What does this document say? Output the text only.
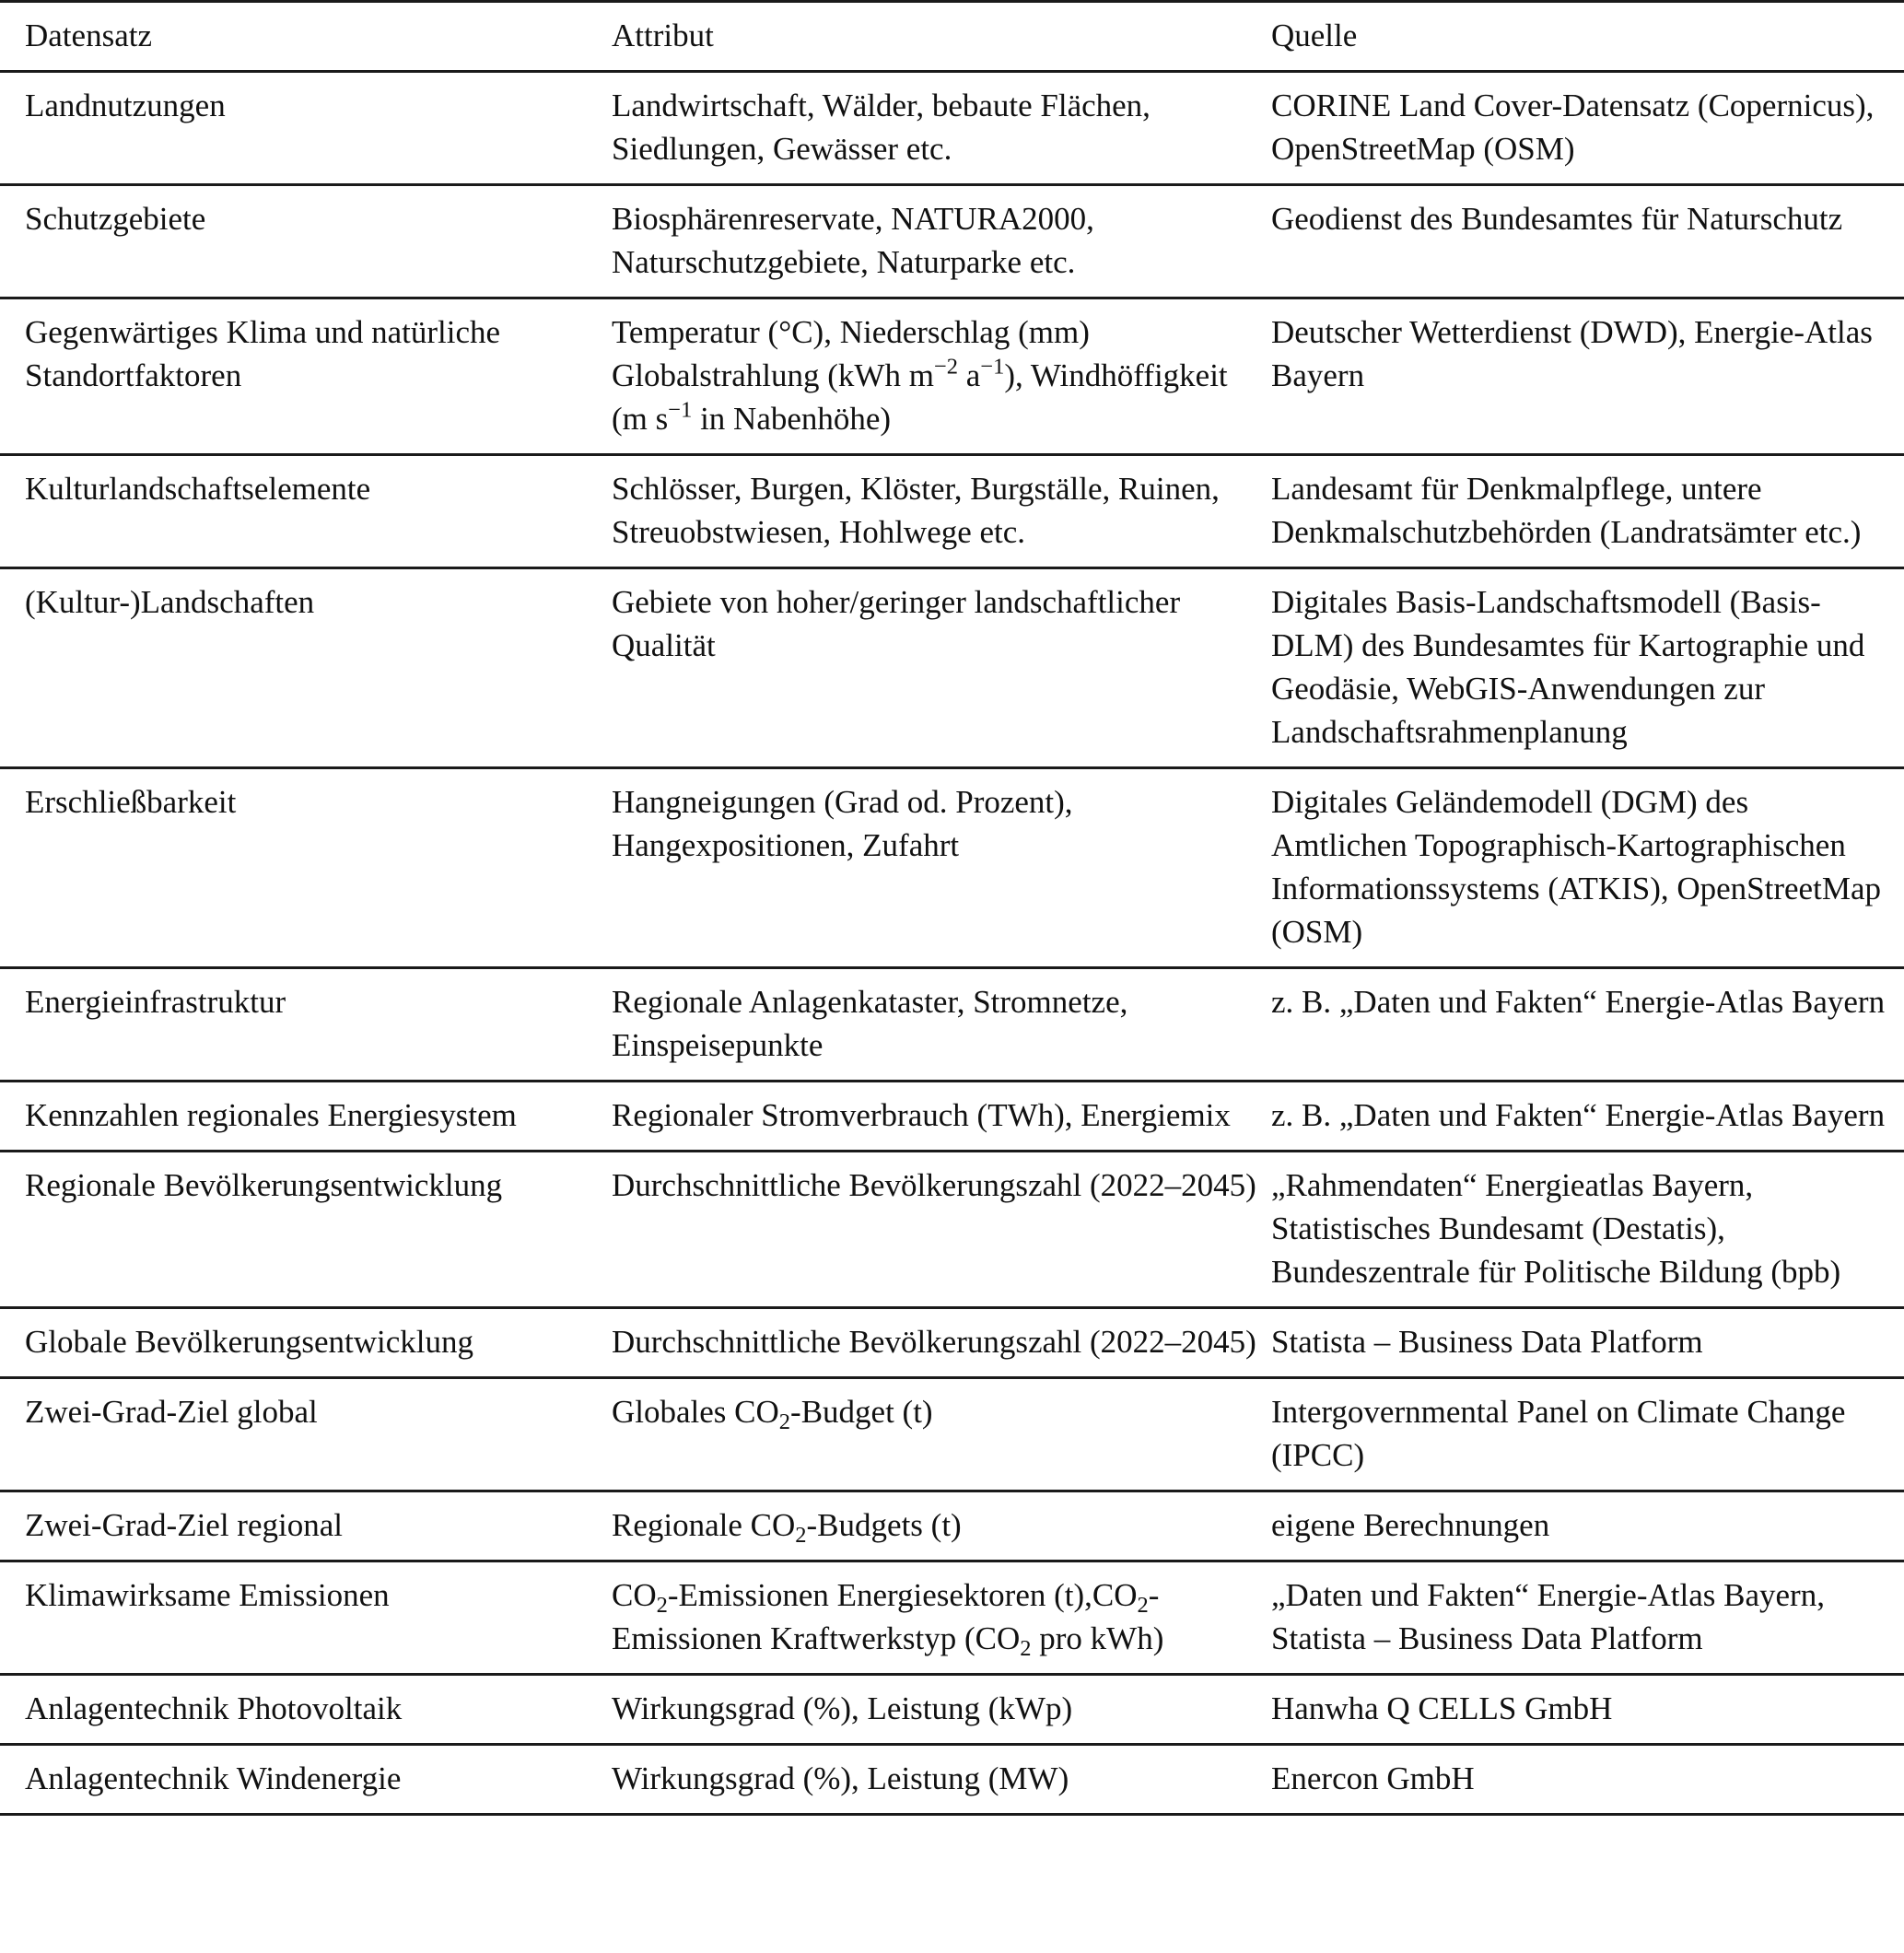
Datensatz	Attribut	Quelle
Landnutzungen	Landwirtschaft, Wälder, bebaute Flächen, Siedlungen, Gewässer etc.	CORINE Land Cover-Datensatz (Copernicus), OpenStreetMap (OSM)
Schutzgebiete	Biosphärenreservate, NATURA2000, Naturschutzgebiete, Naturparke etc.	Geodienst des Bundesamtes für Naturschutz
Gegenwärtiges Klima und natürliche Standortfaktoren	Temperatur (°C), Niederschlag (mm) Globalstrahlung (kWh $m^{-2}$ $a^{-1}$), Windhöffigkeit (m $s^{-1}$ in Nabenhöhe)	Deutscher Wetterdienst (DWD), Energie-Atlas Bayern
Kulturlandschaftselemente	Schlösser, Burgen, Klöster, Burgställe, Ruinen, Streuobstwiesen, Hohlwege etc.	Landesamt für Denkmalpflege, untere Denkmalschutzbehörden (Landratsämter etc.)
(Kultur-)Landschaften	Gebiete von hoher/geringer landschaftlicher Qualität	Digitales Basis-Landschaftsmodell (Basis-DLM) des Bundesamtes für Kartographie und Geodäsie, WebGIS-Anwendungen zur Landschaftsrahmenplanung
Erschließbarkeit	Hangneigungen (Grad od. Prozent), Hangexpositionen, Zufahrt	Digitales Geländemodell (DGM) des Amtlichen Topographisch-Kartographischen Informationssystems (ATKIS), OpenStreetMap (OSM)
Energieinfrastruktur	Regionale Anlagenkataster, Stromnetze, Einspeisepunkte	z. B. „Daten und Fakten“ Energie-Atlas Bayern
Kennzahlen regionales Energiesystem	Regionaler Stromverbrauch (TWh), Energiemix	z. B. „Daten und Fakten“ Energie-Atlas Bayern
Regionale Bevölkerungsentwicklung	Durchschnittliche Bevölkerungszahl (2022–2045)	„Rahmendaten“ Energieatlas Bayern, Statistisches Bundesamt (Destatis), Bundeszentrale für Politische Bildung (bpb)
Globale Bevölkerungsentwicklung	Durchschnittliche Bevölkerungszahl (2022–2045)	Statista – Business Data Platform
Zwei-Grad-Ziel global	Globales $CO_2$-Budget (t)	Intergovernmental Panel on Climate Change (IPCC)
Zwei-Grad-Ziel regional	Regionale $CO_2$-Budgets (t)	eigene Berechnungen
Klimawirksame Emissionen	$CO_2$-Emissionen Energiesektoren $(t),CO_2$-Emissionen Kraftwerkstyp ($CO_2$ pro kWh)	„Daten und Fakten“ Energie-Atlas Bayern, Statista – Business Data Platform
Anlagentechnik Photovoltaik	Wirkungsgrad (%), Leistung (kWp)	Hanwha Q CELLS GmbH
Anlagentechnik Windenergie	Wirkungsgrad (%), Leistung (MW)	Enercon GmbH
